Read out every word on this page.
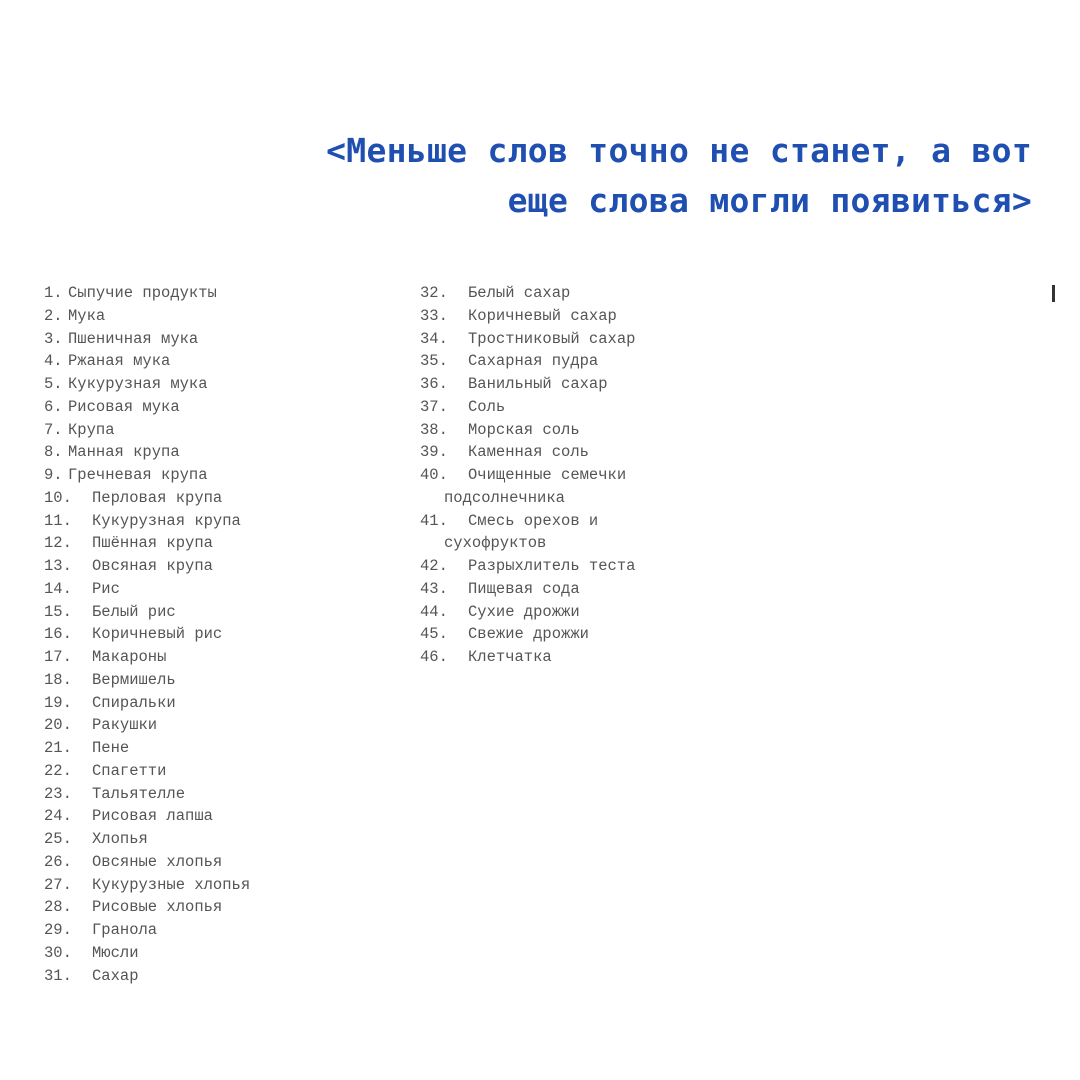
<Меньше слов точно не станет, а вот
еще слова могли появиться>
1. Сыпучие продукты
2. Мука
3. Пшеничная мука
4. Ржаная мука
5. Кукурузная мука
6. Рисовая мука
7. Крупа
8. Манная крупа
9. Гречневая крупа
10.	Перловая крупа
11.	Кукурузная крупа
12.	Пшённая крупа
13.	Овсяная крупа
14.	Рис
15.	Белый рис
16.	Коричневый рис
17.	Макароны
18.	Вермишель
19.	Спиральки
20.	Ракушки
21.	Пене
22.	Спагетти
23.	Тальятелле
24.	Рисовая лапша
25.	Хлопья
26.	Овсяные хлопья
27.	Кукурузные хлопья
28.	Рисовые хлопья
29.	Гранола
30.	Мюсли
31.	Сахар
32.	Белый сахар
33.	Коричневый сахар
34.	Тростниковый сахар
35.	Сахарная пудра
36.	Ванильный сахар
37.	Соль
38.	Морская соль
39.	Каменная соль
40. Очищенные семечки подсолнечника
41. Смесь орехов и сухофруктов
42.	Разрыхлитель теста
43.	Пищевая сода
44.	Сухие дрожжи
45.	Свежие дрожжи
46.	Клетчатка
